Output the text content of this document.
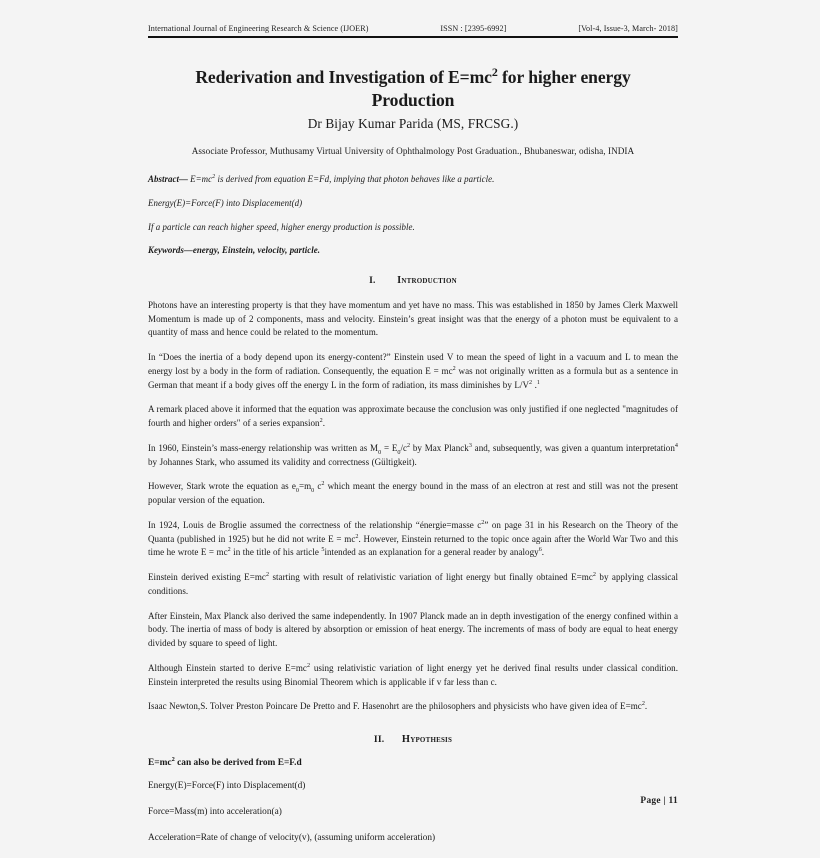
International Journal of Engineering Research & Science (IJOER)	ISSN : [2395-6992]	[Vol-4, Issue-3, March- 2018]
Rederivation and Investigation of $E=mc^2$ for higher energy
Production
Dr Bijay Kumar Parida (MS, FRCSG.)
Associate Professor, Muthusamy Virtual University of Ophthalmology Post Graduation., Bhubaneswar, odisha, INDIA
Abstract— $E=mc^2$ is derived from equation E=Fd, implying that photon behaves like a particle.
Energy(E)=Force(F) into Displacement(d)
If a particle can reach higher speed, higher energy production is possible.
Keywords—energy, Einstein, velocity, particle.
I. Introduction

Photons have an interesting property is that they have momentum and yet have no mass. This was established in 1850 by James Clerk Maxwell Momentum is made up of 2 components, mass and velocity. Einstein’s great insight was that the energy of a photon must be equivalent to a quantity of mass and hence could be related to the momentum.

In “Does the inertia of a body depend upon its energy-content?” Einstein used V to mean the speed of light in a vacuum and L to mean the energy lost by a body in the form of radiation. Consequently, the equation $E = mc^2$ was not originally written as a formula but as a sentence in German that meant if a body gives off the energy L in the form of radiation, its mass diminishes by $L/V^2$ .$^1$

A remark placed above it informed that the equation was approximate because the conclusion was only justified if one neglected "magnitudes of fourth and higher orders" of a series expansion$^2$.

In 1960, Einstein’s mass-energy relationship was written as $M_0 = E_0/c^2$ by Max Planck$^3$ and, subsequently, was given a quantum interpretation$^4$ by Johannes Stark, who assumed its validity and correctness (Gültigkeit).

However, Stark wrote the equation as $e_0=m_0$ $c^2$ which meant the energy bound in the mass of an electron at rest and still was not the present popular version of the equation.

In 1924, Louis de Broglie assumed the correctness of the relationship “énergie=masse $c^2$” on page 31 in his Research on the Theory of the Quanta (published in 1925) but he did not write $E = mc^2$. However, Einstein returned to the topic once again after the World War Two and this time he wrote $E = mc^2$ in the title of his article $^5$intended as an explanation for a general reader by analogy$^6$.

Einstein derived existing $E=mc^2$ starting with result of relativistic variation of light energy but finally obtained $E=mc^2$ by applying classical conditions.

After Einstein, Max Planck also derived the same independently. In 1907 Planck made an in depth investigation of the energy confined within a body. The inertia of mass of body is altered by absorption or emission of heat energy. The increments of mass of body are equal to heat energy divided by square to speed of light.

Although Einstein started to derive $E=mc^2$ using relativistic variation of light energy yet he derived final results under classical condition. Einstein interpreted the results using Binomial Theorem which is applicable if v far less than c.

Isaac Newton,S. Tolver Preston Poincare De Pretto and F. Hasenohrt are the philosophers and physicists who have given idea of $E=mc^2$.

II. Hypothesis

$E=mc^2$ can also be derived from E=F.d

Energy(E)=Force(F) into Displacement(d)

Force=Mass(m) into acceleration(a)

Acceleration=Rate of change of velocity(v), (assuming uniform acceleration)

Page | 11
